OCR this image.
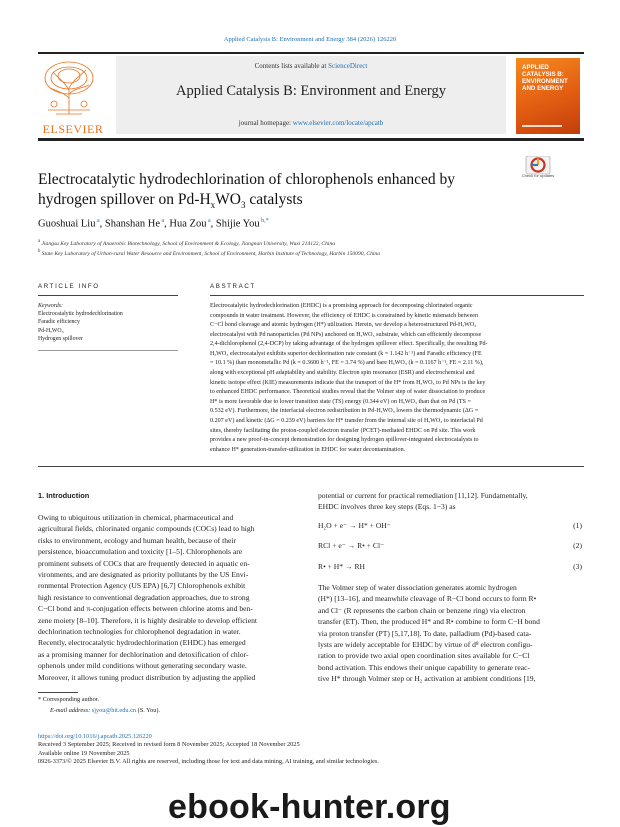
Applied Catalysis B: Environment and Energy 384 (2026) 126220
ELSEVIER
Contents lists available at ScienceDirect
Applied Catalysis B: Environment and Energy
journal homepage: www.elsevier.com/locate/apcatb
APPLIED CATALYSIS B: ENVIRONMENT AND ENERGY
Electrocatalytic hydrodechlorination of chlorophenols enhanced by
hydrogen spillover on $Pd-H_xWO_3$ catalysts
Check for updates
Guoshuai Liu $^a$, Shanshan He $^a$, Hua Zou $^a$, Shijie You $^{b,*}$
$^a$ Jiangsu Key Laboratory of Anaerobic Biotechnology, School of Environment & Ecology, Jiangnan University, Wuxi 214122, China
$^b$ State Key Laboratory of Urban-rural Water Resource and Environment, School of Environment, Harbin Institute of Technology, Harbin 150090, China
ARTICLE INFO	ABSTRACT
Keywords:
Electrocatalytic hydrodechlorination
Faradic efficiency
Pd-HₓWO₃
Hydrogen spillover
Electrocatalytic hydrodechlorination (EHDC) is a promising approach for decomposing chlorinated organic
compounds in water treatment. However, the efficiency of EHDC is constrained by kinetic mismatch between
C−Cl bond cleavage and atomic hydrogen (H*) utilization. Herein, we develop a heterostructured Pd-HₓWO₃
electrocatalyst with Pd nanoparticles (Pd NPs) anchored on HₓWO₃ substrate, which can efficiently decompose
2,4-dichlorophenol (2,4-DCP) by taking advantage of the hydrogen spillover effect. Specifically, the resulting Pd-
HₓWO₃ electrocatalyst exhibits superior dechlorination rate constant (k = 1.142 h⁻¹) and Faradic efficiency (FE
= 10.1 %) than monometallic Pd (k = 0.3600 h⁻¹, FE = 3.74 %) and bare HₓWO₃ (k = 0.1167 h⁻¹, FE = 2.11 %),
along with exceptional pH adaptability and stability. Electron spin resonance (ESR) and electrochemical and
kinetic isotope effect (KIE) measurements indicate that the transport of the H* from HₓWO₃ to Pd NPs is the key
to enhanced EHDC performance. Theoretical studies reveal that the Volmer step of water dissociation to produce
H* is more favorable due to lower transition state (TS) energy (0.344 eV) on HₓWO₃ than that on Pd (TS =
0.532 eV). Furthermore, the interfacial electron redistribution in Pd-HₓWO₃ lowers the thermodynamic (ΔG =
0.207 eV) and kinetic (ΔG = 0.239 eV) barriers for H* transfer from the internal site of HₓWO₃ to interfacial Pd
sites, thereby facilitating the proton-coupled electron transfer (PCET)-mediated EHDC on Pd site. This work
provides a new proof-in-concept demonstration for designing hydrogen spillover-integrated electrocatalysts to
enhance H* generation-transfer-utilization in EHDC for water decontamination.
1. Introduction
Owing to ubiquitous utilization in chemical, pharmaceutical and
agricultural fields, chlorinated organic compounds (COCs) lead to high
risks to environment, ecology and human health, because of their
persistence, bioaccumulation and toxicity [1–5]. Chlorophenols are
prominent subsets of COCs that are frequently detected in aquatic en-
vironments, and are designated as priority pollutants by the US Envi-
ronmental Protection Agency (US EPA) [6,7] Chlorophenols exhibit
high resistance to conventional degradation approaches, due to strong
C−Cl bond and π-conjugation effects between chlorine atoms and ben-
zene moiety [8–10]. Therefore, it is highly desirable to develop efficient
dechlorination technologies for chlorophenol degradation in water.
Recently, electrocatalytic hydrodechlorination (EHDC) has emerged
as a promising manner for dechlorination and detoxification of chlor-
ophenols under mild conditions without generating secondary waste.
Moreover, it allows tuning product distribution by adjusting the applied
potential or current for practical remediation [11,12]. Fundamentally,
EHDC involves three key steps (Eqs. 1−3) as
H₂O + e⁻ → H* + OH⁻	(1)
RCl + e⁻ → R• + Cl⁻	(2)
R• + H* → RH	(3)
The Volmer step of water dissociation generates atomic hydrogen
(H*) [13–16], and meanwhile cleavage of R−Cl bond occurs to form R•
and Cl⁻ (R represents the carbon chain or benzene ring) via electron
transfer (ET). Then, the produced H* and R• combine to form C−H bond
via proton transfer (PT) [5,17,18]. To date, palladium (Pd)-based cata-
lysts are widely acceptable for EHDC by virtue of d⁸ electron configu-
ration to provide two axial open coordination sites available for C−Cl
bond activation. This endows their unique capability to generate reac-
tive H* through Volmer step or H₂ activation at ambient conditions [19,
* Corresponding author.
E-mail address: sjyou@hit.edu.cn (S. You).
https://doi.org/10.1016/j.apcatb.2025.126220
Received 3 September 2025; Received in revised form 8 November 2025; Accepted 18 November 2025
Available online 19 November 2025
0926-3373/© 2025 Elsevier B.V. All rights are reserved, including those for text and data mining, AI training, and similar technologies.
ebook-hunter.org
